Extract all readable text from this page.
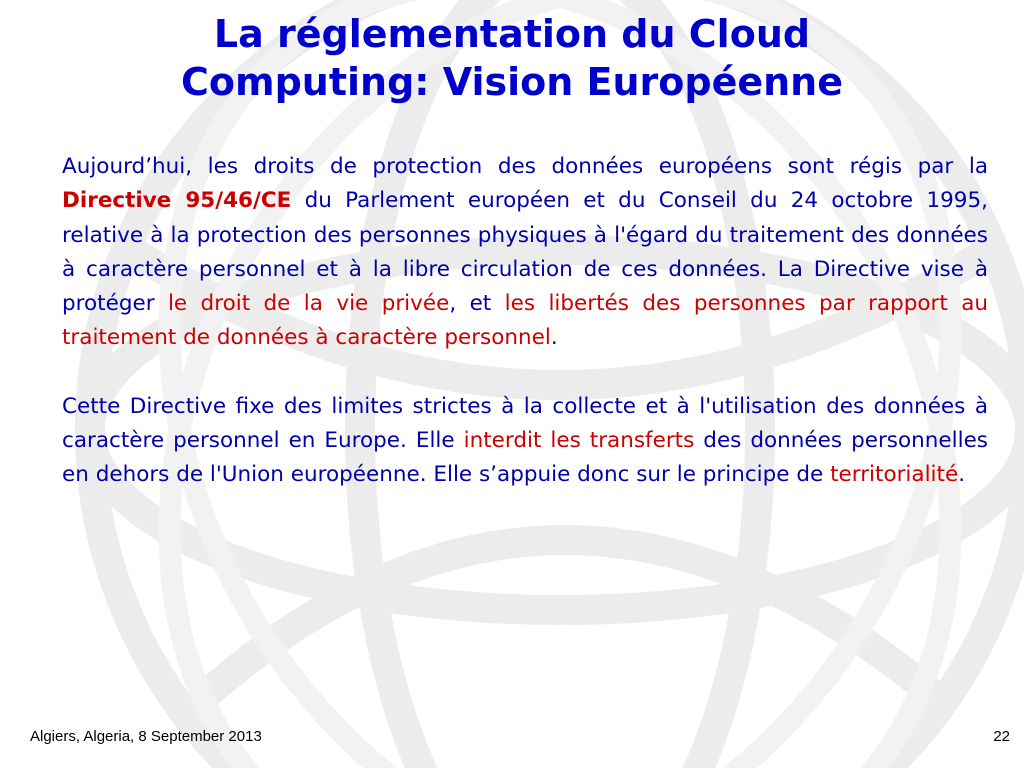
La réglementation du Cloud
Computing: Vision Européenne

Aujourd’hui, les droits de protection des données européens sont régis par la Directive 95/46/CE du Parlement européen et du Conseil du 24 octobre 1995, relative à la protection des personnes physiques à l'égard du traitement des données à caractère personnel et à la libre circulation de ces données. La Directive vise à protéger le droit de la vie privée, et les libertés des personnes par rapport au traitement de données à caractère personnel.

Cette Directive fixe des limites strictes à la collecte et à l'utilisation des données à caractère personnel en Europe. Elle interdit les transferts des données personnelles en dehors de l'Union européenne. Elle s’appuie donc sur le principe de territorialité.

Algiers, Algeria, 8 September 2013	22
